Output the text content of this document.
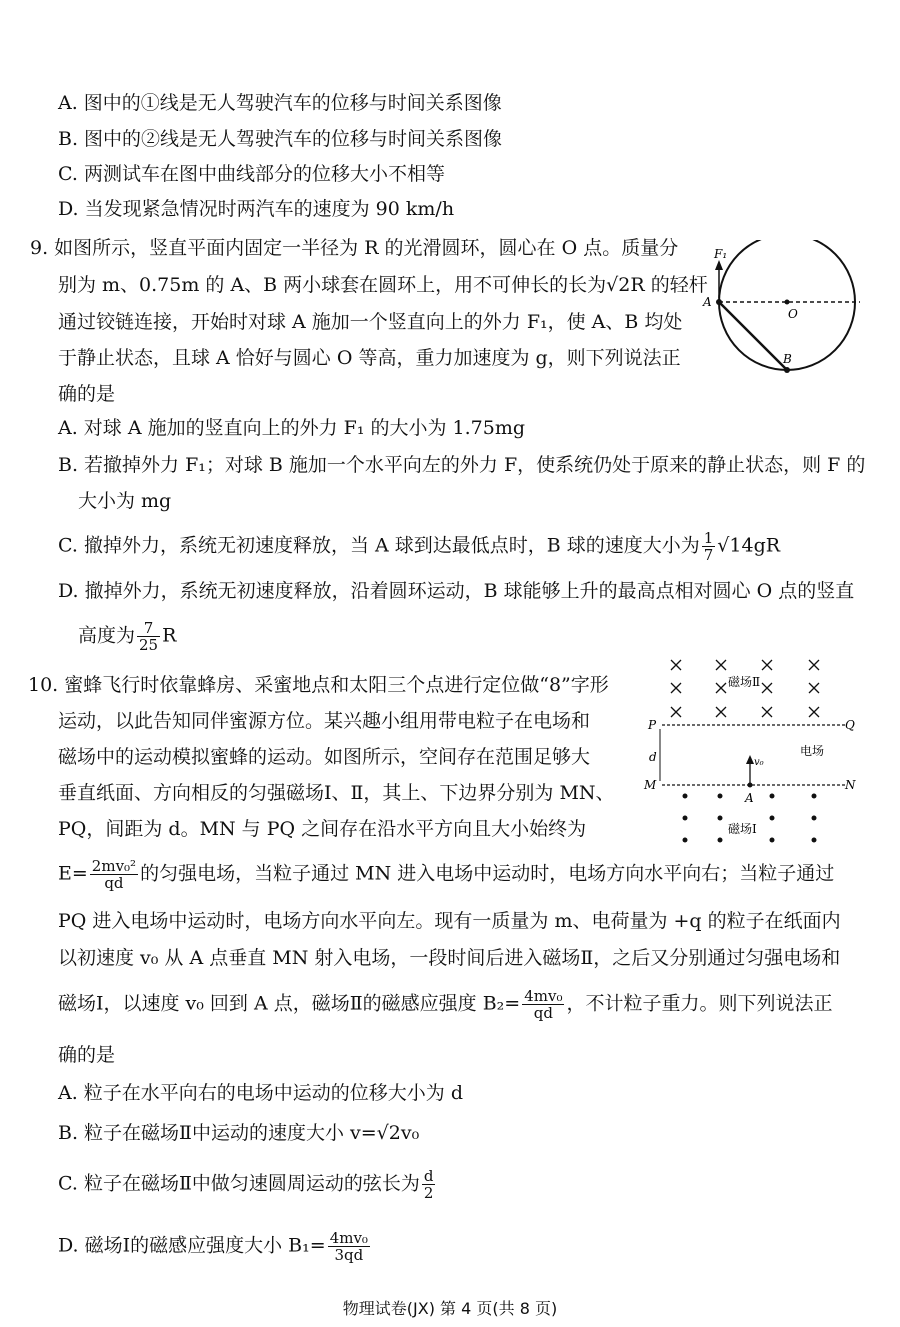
A. 图中的①线是无人驾驶汽车的位移与时间关系图像
B. 图中的②线是无人驾驶汽车的位移与时间关系图像
C. 两测试车在图中曲线部分的位移大小不相等
D. 当发现紧急情况时两汽车的速度为 90 km/h
9. 如图所示，竖直平面内固定一半径为 R 的光滑圆环，圆心在 O 点。质量分
别为 m、0.75m 的 A、B 两小球套在圆环上，用不可伸长的长为√2R 的轻杆
通过铰链连接，开始时对球 A 施加一个竖直向上的外力 F₁，使 A、B 均处
于静止状态，且球 A 恰好与圆心 O 等高，重力加速度为 g，则下列说法正
确的是
A. 对球 A 施加的竖直向上的外力 F₁ 的大小为 1.75mg
B. 若撤掉外力 F₁；对球 B 施加一个水平向左的外力 F，使系统仍处于原来的静止状态，则 F 的
大小为 mg
C. 撤掉外力，系统无初速度释放，当 A 球到达最低点时，B 球的速度大小为 $\frac{1}{7} √14gR$
D. 撤掉外力，系统无初速度释放，沿着圆环运动，B 球能够上升的最高点相对圆心 O 点的竖直
高度为 $\frac{7}{25}$ R
F₁
A
O
B
10. 蜜蜂飞行时依靠蜂房、采蜜地点和太阳三个点进行定位做“8”字形
运动，以此告知同伴蜜源方位。某兴趣小组用带电粒子在电场和
磁场中的运动模拟蜜蜂的运动。如图所示，空间存在范围足够大
垂直纸面、方向相反的匀强磁场Ⅰ、Ⅱ，其上、下边界分别为 MN、
PQ，间距为 d。MN 与 PQ 之间存在沿水平方向且大小始终为
$E= \frac{\text{2mv₀²}}{qd}$ 的匀强电场，当粒子通过 MN 进入电场中运动时，电场方向水平向右；当粒子通过
PQ 进入电场中运动时，电场方向水平向左。现有一质量为 m、电荷量为 +q 的粒子在纸面内
以初速度 v₀ 从 A 点垂直 MN 射入电场，一段时间后进入磁场Ⅱ，之后又分别通过匀强电场和
磁场Ⅰ，以速度 v₀ 回到 A 点，磁场Ⅱ的磁感应强度 $B_2= \frac{\text{4mv₀}}{qd}$ ，不计粒子重力。则下列说法正
确的是
A. 粒子在水平向右的电场中运动的位移大小为 d
B. 粒子在磁场Ⅱ中运动的速度大小 v=√2v₀
C. 粒子在磁场Ⅱ中做匀速圆周运动的弦长为 $\frac{d}{2}$
D. 磁场Ⅰ的磁感应强度大小 $B_1= \frac{\text{4mv₀}}{3qd}$
磁场Ⅱ
P	Q
M	N
d	电场
v₀
A
磁场Ⅰ
物理试卷(JX) 第 4 页(共 8 页)
